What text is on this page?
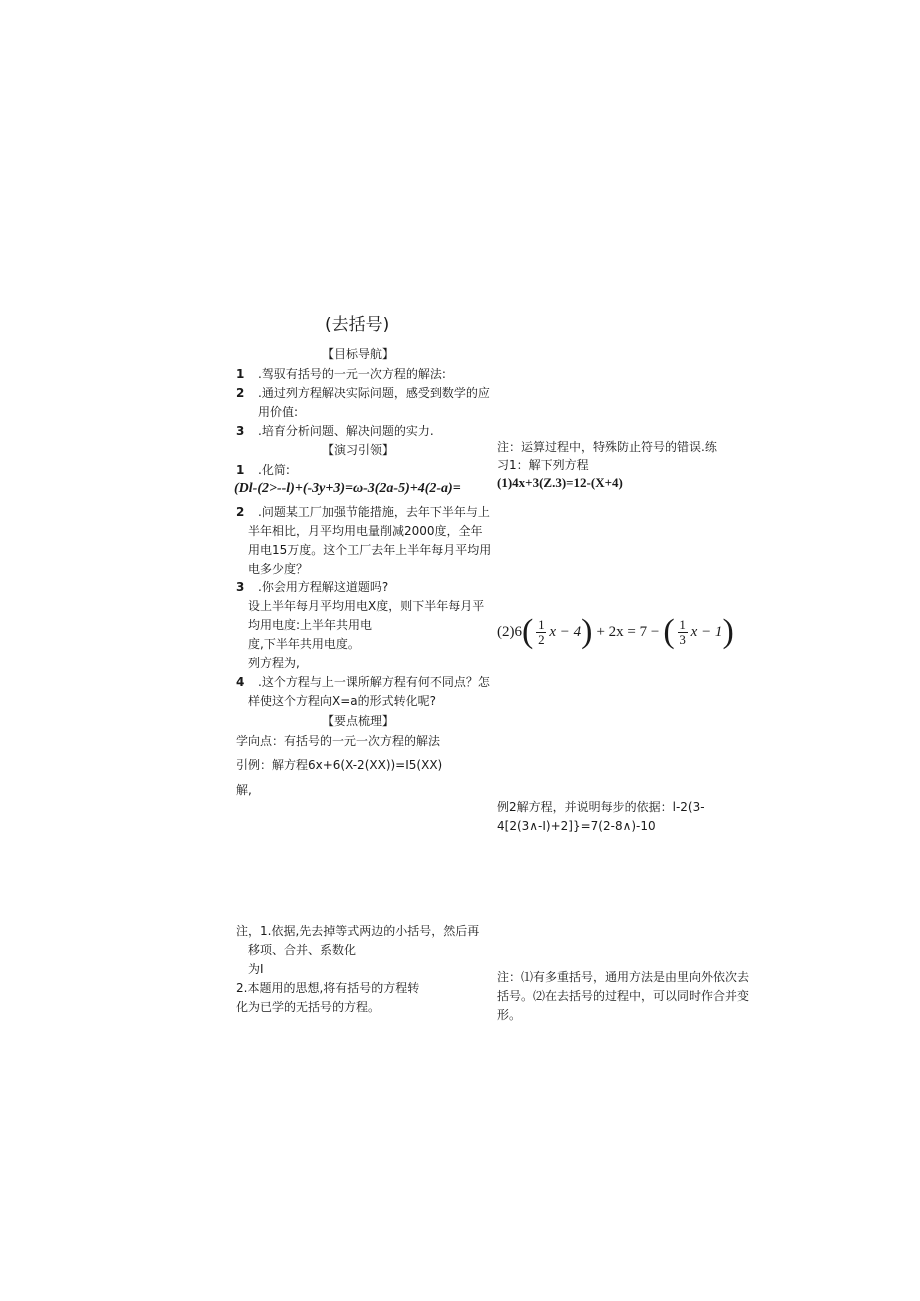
(去括号)
【目标导航】
1 .驾驭有括号的一元一次方程的解法:
2 .通过列方程解决实际问题，感受到数学的应
用价值:
3 .培育分析问题、解决问题的实力.
【演习引领】
1 .化简:
(Dl-(2>--l)+(-3y+3)=ω-3(2a-5)+4(2-a)=
2 .问题某工厂加强节能措施，去年下半年与上
半年相比，月平均用电量削减2000度，全年
用电15万度。这个工厂去年上半年每月平均用
电多少度？
3 .你会用方程解这道题吗?
设上半年每月平均用电X度，则下半年每月平
均用电度:上半年共用电
度,下半年共用电度。
列方程为,
4 .这个方程与上一课所解方程有何不同点？怎
样使这个方程向X=a的形式转化呢?
【要点梳理】
学向点：有括号的一元一次方程的解法
引例：解方程6x+6(X-2(XX))=I5(XX)
解,
注，1.依据,先去掉等式两边的小括号，然后再
移项、合并、系数化
为I
2.本题用的思想,将有括号的方程转
化为已学的无括号的方程。
注：运算过程中，特殊防止符号的错误.练
习1：解下列方程
(1)4x+3(Z.3)=12-(X+4)
(2)6 ( 1
2 x − 4 ) + 2x = 7 − ( 1
3 x − 1 )
例2解方程，并说明每步的依据：l-2(3-
4[2(3∧-I)+2]}=7(2-8∧)-10
注：⑴有多重括号，通用方法是由里向外依次去
括号。⑵在去括号的过程中，可以同时作合并变
形。
